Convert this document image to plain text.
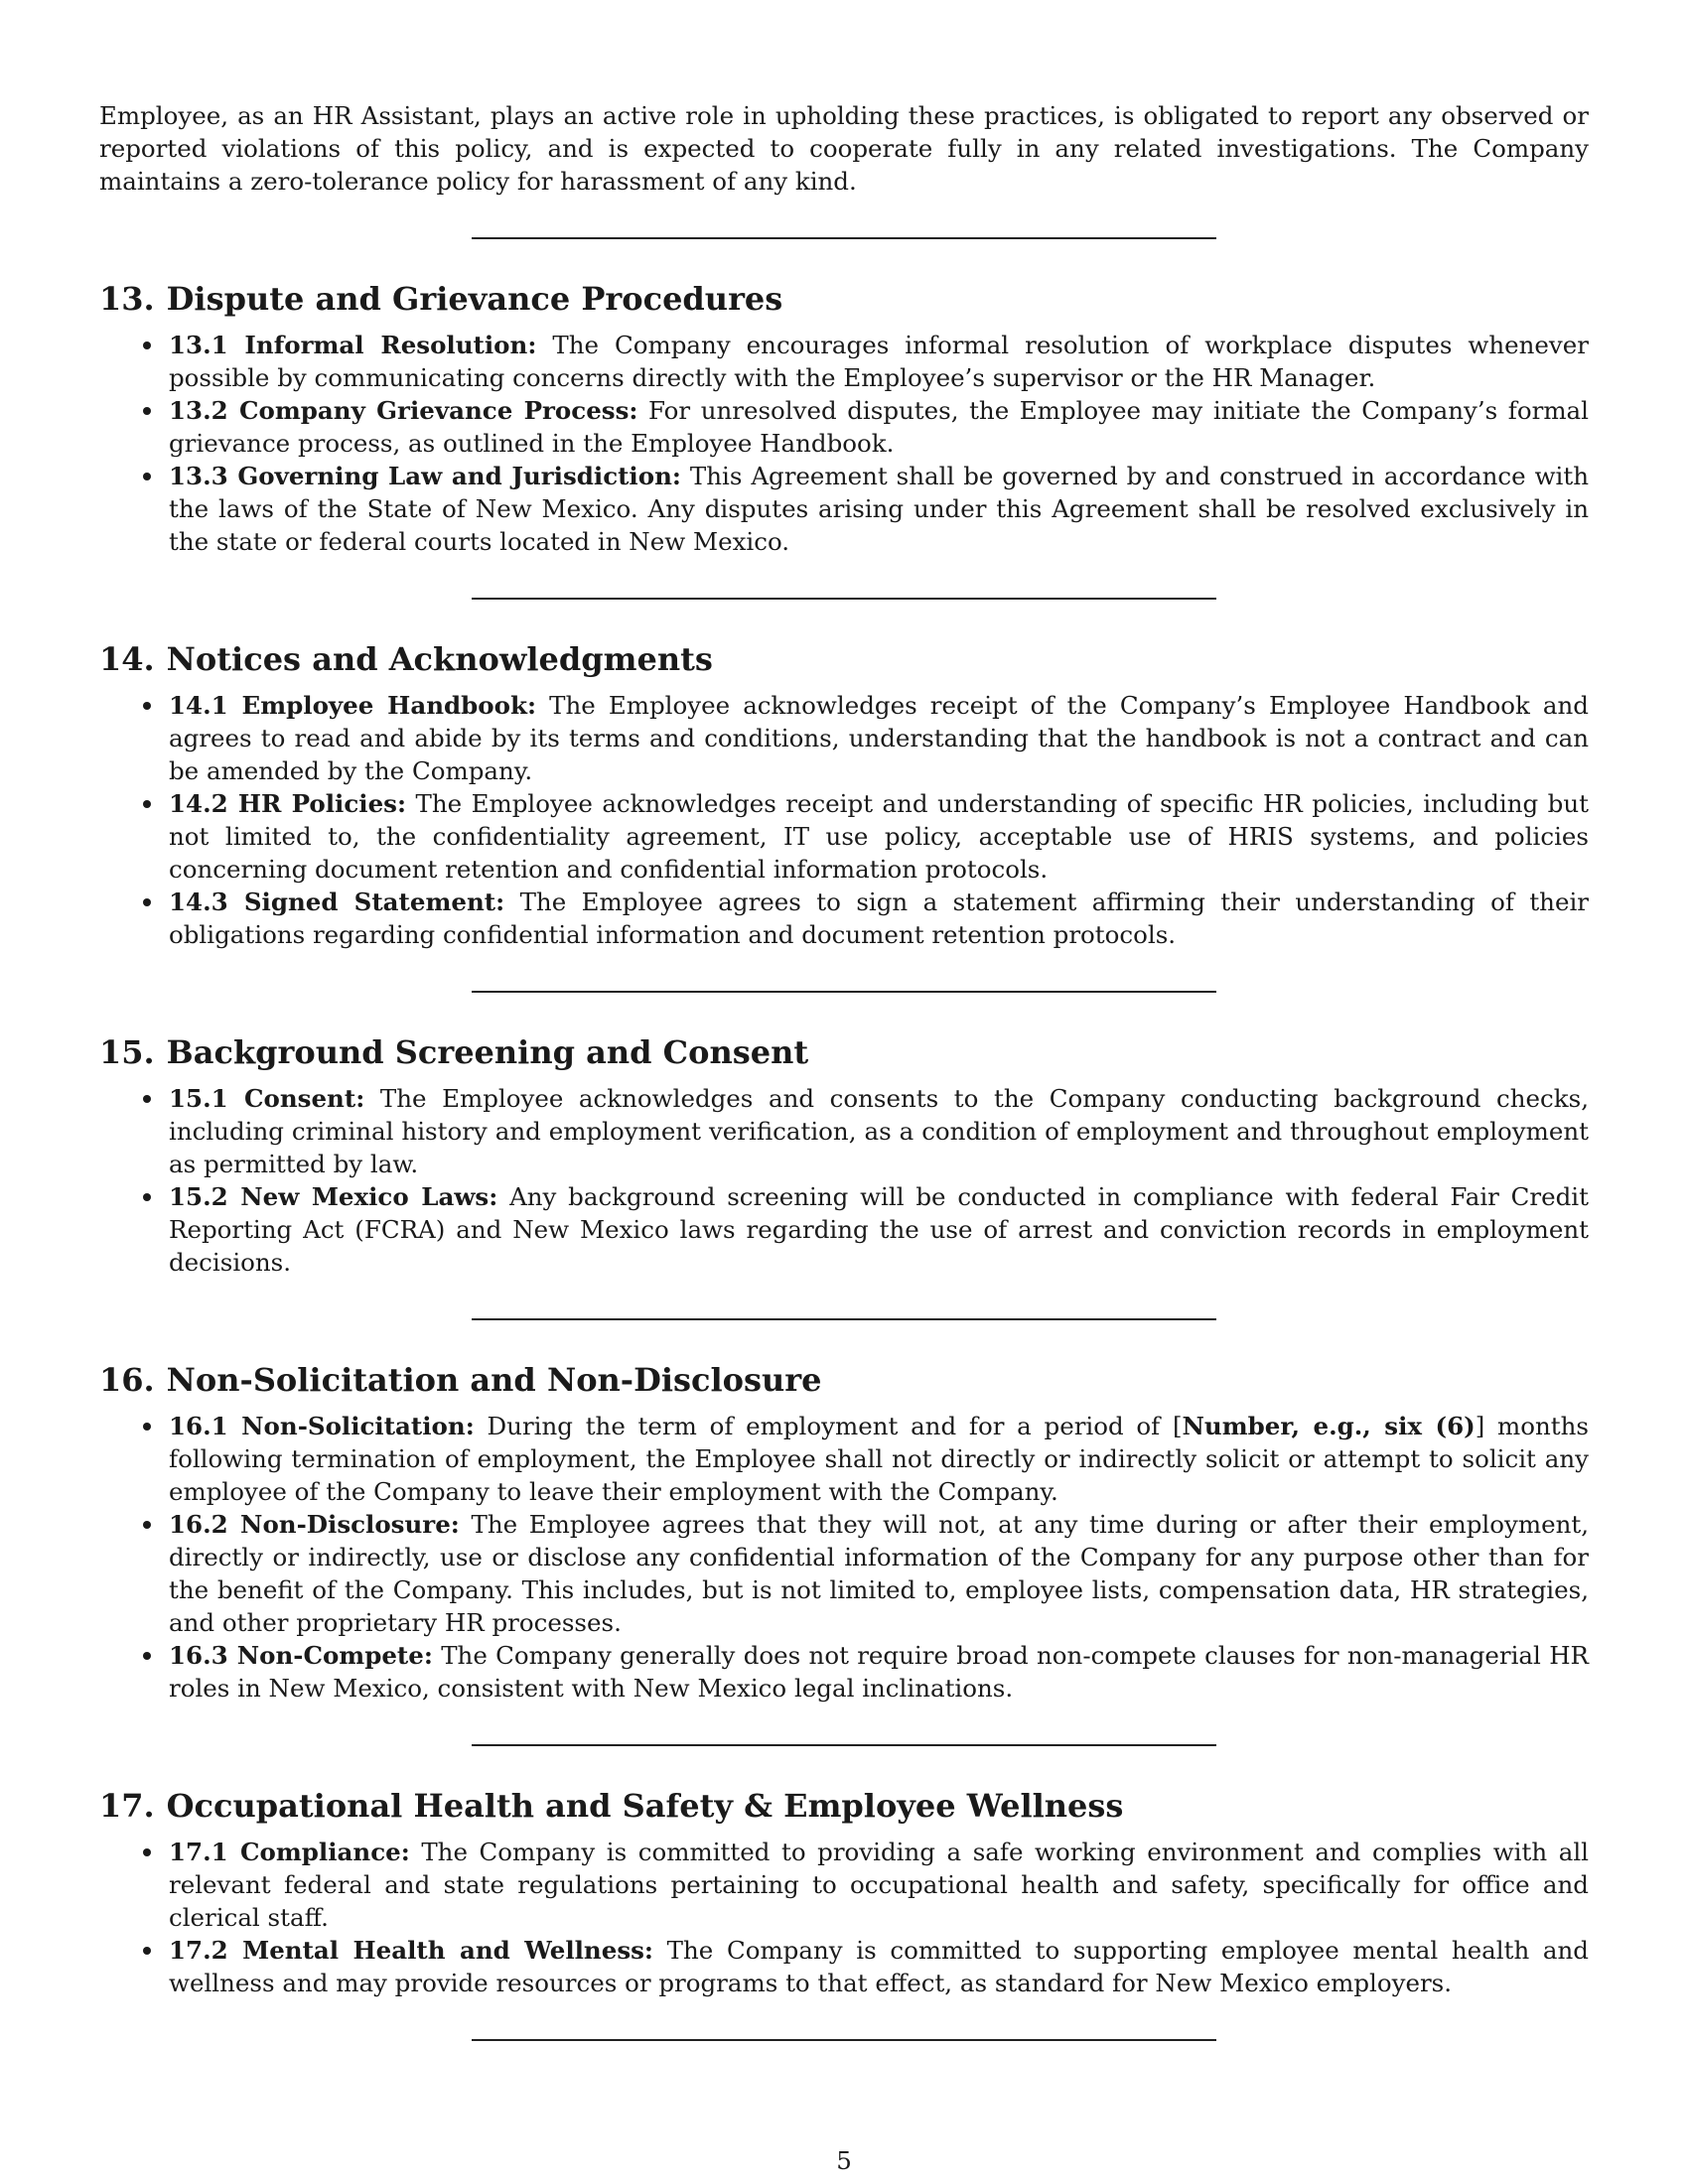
Employee, as an HR Assistant, plays an active role in upholding these practices, is obligated to report any observed or reported violations of this policy, and is expected to cooperate fully in any related investigations. The Company maintains a zero-tolerance policy for harassment of any kind.

13. Dispute and Grievance Procedures
13.1 Informal Resolution: The Company encourages informal resolution of workplace disputes whenever possible by communicating concerns directly with the Employee’s supervisor or the HR Manager.
13.2 Company Grievance Process: For unresolved disputes, the Employee may initiate the Company’s formal grievance process, as outlined in the Employee Handbook.
13.3 Governing Law and Jurisdiction: This Agreement shall be governed by and construed in accordance with the laws of the State of New Mexico. Any disputes arising under this Agreement shall be resolved exclusively in the state or federal courts located in New Mexico.
14. Notices and Acknowledgments
14.1 Employee Handbook: The Employee acknowledges receipt of the Company’s Employee Handbook and agrees to read and abide by its terms and conditions, understanding that the handbook is not a contract and can be amended by the Company.
14.2 HR Policies: The Employee acknowledges receipt and understanding of specific HR policies, including but not limited to, the confidentiality agreement, IT use policy, acceptable use of HRIS systems, and policies concerning document retention and confidential information protocols.
14.3 Signed Statement: The Employee agrees to sign a statement affirming their understanding of their obligations regarding confidential information and document retention protocols.
15. Background Screening and Consent
15.1 Consent: The Employee acknowledges and consents to the Company conducting background checks, including criminal history and employment verification, as a condition of employment and throughout employment as permitted by law.
15.2 New Mexico Laws: Any background screening will be conducted in compliance with federal Fair Credit Reporting Act (FCRA) and New Mexico laws regarding the use of arrest and conviction records in employment decisions.
16. Non-Solicitation and Non-Disclosure
16.1 Non-Solicitation: During the term of employment and for a period of [Number, e.g., six (6)] months following termination of employment, the Employee shall not directly or indirectly solicit or attempt to solicit any employee of the Company to leave their employment with the Company.
16.2 Non-Disclosure: The Employee agrees that they will not, at any time during or after their employment, directly or indirectly, use or disclose any confidential information of the Company for any purpose other than for the benefit of the Company. This includes, but is not limited to, employee lists, compensation data, HR strategies, and other proprietary HR processes.
16.3 Non-Compete: The Company generally does not require broad non-compete clauses for non-managerial HR roles in New Mexico, consistent with New Mexico legal inclinations.
17. Occupational Health and Safety & Employee Wellness
17.1 Compliance: The Company is committed to providing a safe working environment and complies with all relevant federal and state regulations pertaining to occupational health and safety, specifically for office and clerical staff.
17.2 Mental Health and Wellness: The Company is committed to supporting employee mental health and wellness and may provide resources or programs to that effect, as standard for New Mexico employers.
5
